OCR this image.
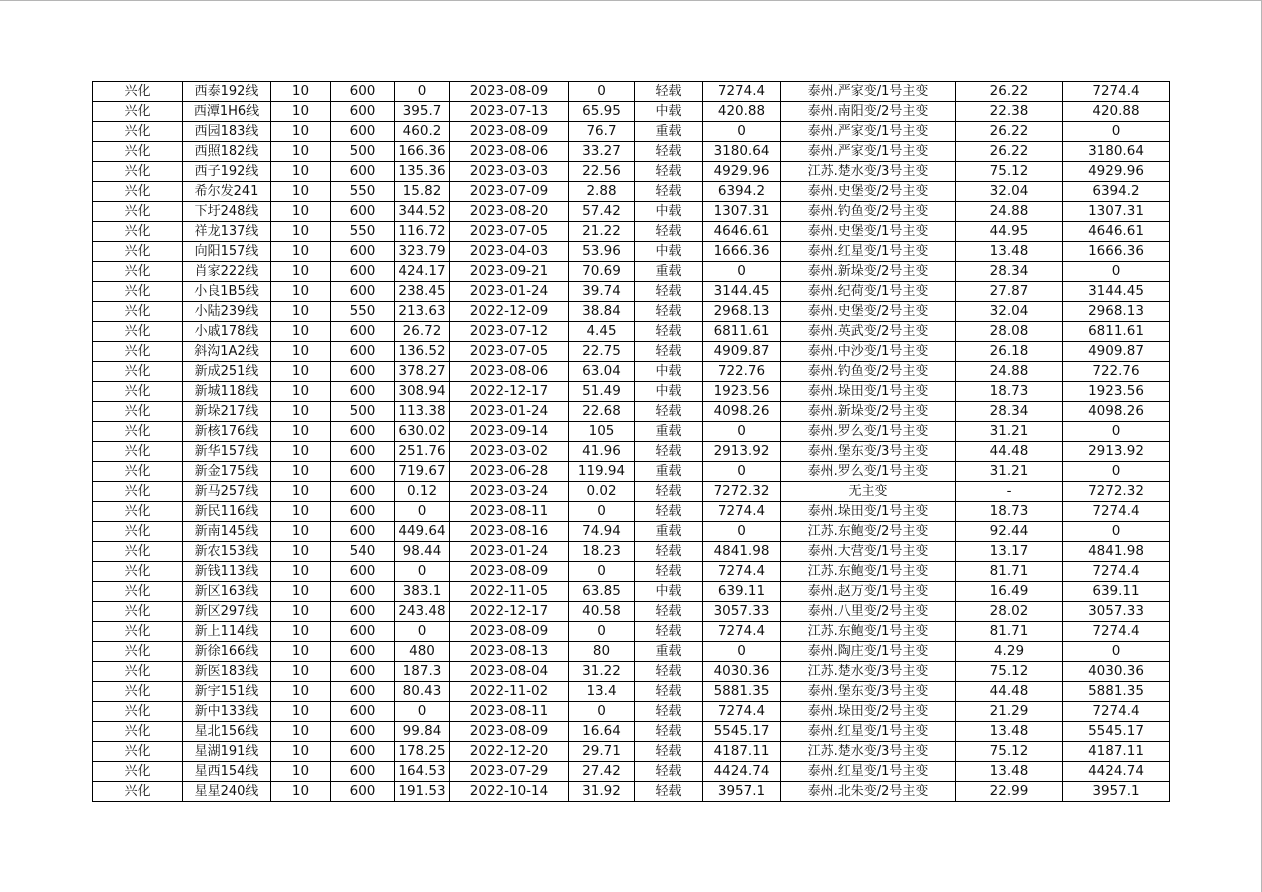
兴化	西泰192线	10	600	0	2023-08-09	0	轻载	7274.4	泰州.严家变/1号主变	26.22	7274.4
兴化	西潭1H6线	10	600	395.7	2023-07-13	65.95	中载	420.88	泰州.南阳变/2号主变	22.38	420.88
兴化	西园183线	10	600	460.2	2023-08-09	76.7	重载	0	泰州.严家变/1号主变	26.22	0
兴化	西照182线	10	500	166.36	2023-08-06	33.27	轻载	3180.64	泰州.严家变/1号主变	26.22	3180.64
兴化	西子192线	10	600	135.36	2023-03-03	22.56	轻载	4929.96	江苏.楚水变/3号主变	75.12	4929.96
兴化	希尔发241	10	550	15.82	2023-07-09	2.88	轻载	6394.2	泰州.史堡变/2号主变	32.04	6394.2
兴化	下圩248线	10	600	344.52	2023-08-20	57.42	中载	1307.31	泰州.钓鱼变/2号主变	24.88	1307.31
兴化	祥龙137线	10	550	116.72	2023-07-05	21.22	轻载	4646.61	泰州.史堡变/1号主变	44.95	4646.61
兴化	向阳157线	10	600	323.79	2023-04-03	53.96	中载	1666.36	泰州.红星变/1号主变	13.48	1666.36
兴化	肖家222线	10	600	424.17	2023-09-21	70.69	重载	0	泰州.新垛变/2号主变	28.34	0
兴化	小良1B5线	10	600	238.45	2023-01-24	39.74	轻载	3144.45	泰州.纪荷变/1号主变	27.87	3144.45
兴化	小陆239线	10	550	213.63	2022-12-09	38.84	轻载	2968.13	泰州.史堡变/2号主变	32.04	2968.13
兴化	小戚178线	10	600	26.72	2023-07-12	4.45	轻载	6811.61	泰州.英武变/2号主变	28.08	6811.61
兴化	斜沟1A2线	10	600	136.52	2023-07-05	22.75	轻载	4909.87	泰州.中沙变/1号主变	26.18	4909.87
兴化	新成251线	10	600	378.27	2023-08-06	63.04	中载	722.76	泰州.钓鱼变/2号主变	24.88	722.76
兴化	新城118线	10	600	308.94	2022-12-17	51.49	中载	1923.56	泰州.垛田变/1号主变	18.73	1923.56
兴化	新垛217线	10	500	113.38	2023-01-24	22.68	轻载	4098.26	泰州.新垛变/2号主变	28.34	4098.26
兴化	新核176线	10	600	630.02	2023-09-14	105	重载	0	泰州.罗么变/1号主变	31.21	0
兴化	新华157线	10	600	251.76	2023-03-02	41.96	轻载	2913.92	泰州.堡东变/3号主变	44.48	2913.92
兴化	新金175线	10	600	719.67	2023-06-28	119.94	重载	0	泰州.罗么变/1号主变	31.21	0
兴化	新马257线	10	600	0.12	2023-03-24	0.02	轻载	7272.32	无主变	-	7272.32
兴化	新民116线	10	600	0	2023-08-11	0	轻载	7274.4	泰州.垛田变/1号主变	18.73	7274.4
兴化	新南145线	10	600	449.64	2023-08-16	74.94	重载	0	江苏.东鲍变/2号主变	92.44	0
兴化	新农153线	10	540	98.44	2023-01-24	18.23	轻载	4841.98	泰州.大营变/1号主变	13.17	4841.98
兴化	新钱113线	10	600	0	2023-08-09	0	轻载	7274.4	江苏.东鲍变/1号主变	81.71	7274.4
兴化	新区163线	10	600	383.1	2022-11-05	63.85	中载	639.11	泰州.赵万变/1号主变	16.49	639.11
兴化	新区297线	10	600	243.48	2022-12-17	40.58	轻载	3057.33	泰州.八里变/2号主变	28.02	3057.33
兴化	新上114线	10	600	0	2023-08-09	0	轻载	7274.4	江苏.东鲍变/1号主变	81.71	7274.4
兴化	新徐166线	10	600	480	2023-08-13	80	重载	0	泰州.陶庄变/1号主变	4.29	0
兴化	新医183线	10	600	187.3	2023-08-04	31.22	轻载	4030.36	江苏.楚水变/3号主变	75.12	4030.36
兴化	新宇151线	10	600	80.43	2022-11-02	13.4	轻载	5881.35	泰州.堡东变/3号主变	44.48	5881.35
兴化	新中133线	10	600	0	2023-08-11	0	轻载	7274.4	泰州.垛田变/2号主变	21.29	7274.4
兴化	星北156线	10	600	99.84	2023-08-09	16.64	轻载	5545.17	泰州.红星变/1号主变	13.48	5545.17
兴化	星湖191线	10	600	178.25	2022-12-20	29.71	轻载	4187.11	江苏.楚水变/3号主变	75.12	4187.11
兴化	星西154线	10	600	164.53	2023-07-29	27.42	轻载	4424.74	泰州.红星变/1号主变	13.48	4424.74
兴化	星星240线	10	600	191.53	2022-10-14	31.92	轻载	3957.1	泰州.北朱变/2号主变	22.99	3957.1
